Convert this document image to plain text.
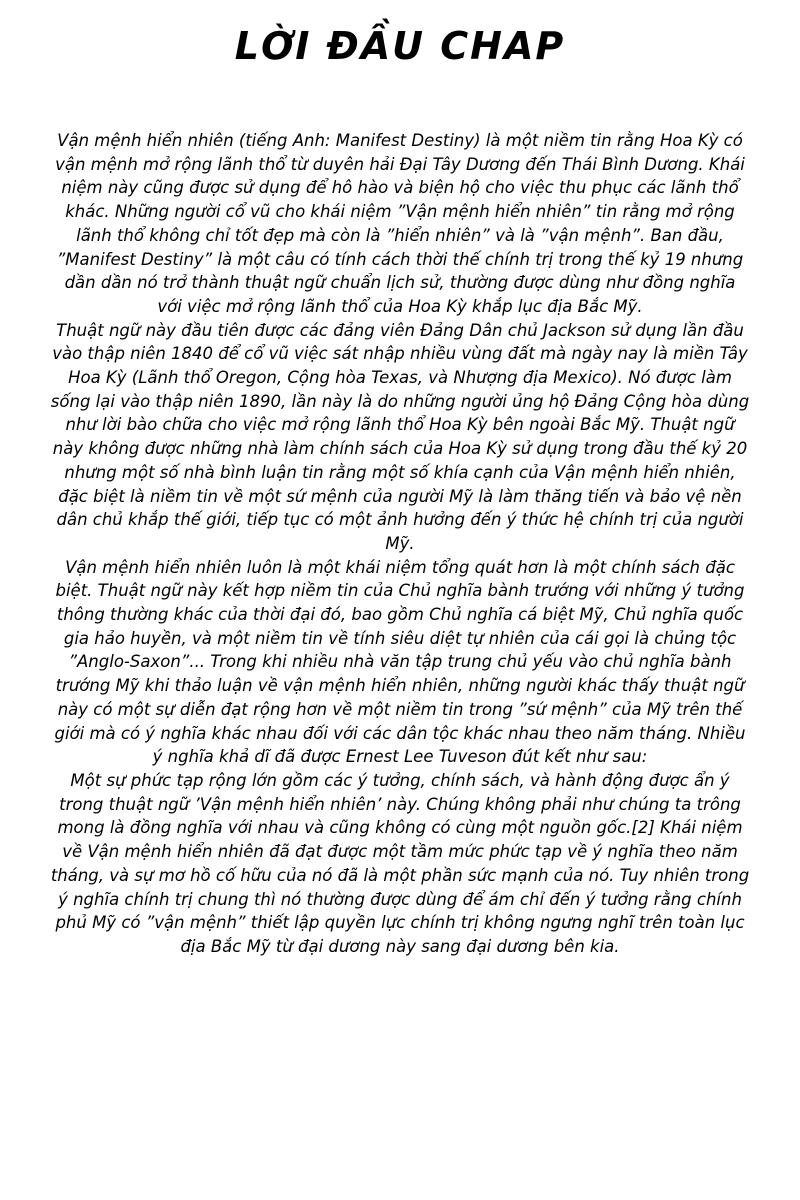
LỜI ĐẦU CHAP

Vận mệnh hiển nhiên (tiếng Anh: Manifest Destiny) là một niềm tin rằng Hoa Kỳ có vận mệnh mở rộng lãnh thổ từ duyên hải Đại Tây Dương đến Thái Bình Dương. Khái niệm này cũng được sử dụng để hô hào và biện hộ cho việc thu phục các lãnh thổ khác. Những người cổ vũ cho khái niệm ”Vận mệnh hiển nhiên” tin rằng mở rộng lãnh thổ không chỉ tốt đẹp mà còn là ”hiển nhiên” và là ”vận mệnh”. Ban đầu, ”Manifest Destiny” là một câu có tính cách thời thế chính trị trong thế kỷ 19 nhưng dần dần nó trở thành thuật ngữ chuẩn lịch sử, thường được dùng như đồng nghĩa với việc mở rộng lãnh thổ của Hoa Kỳ khắp lục địa Bắc Mỹ.

Thuật ngữ này đầu tiên được các đảng viên Đảng Dân chủ Jackson sử dụng lần đầu vào thập niên 1840 để cổ vũ việc sát nhập nhiều vùng đất mà ngày nay là miền Tây Hoa Kỳ (Lãnh thổ Oregon, Cộng hòa Texas, và Nhượng địa Mexico). Nó được làm sống lại vào thập niên 1890, lần này là do những người ủng hộ Đảng Cộng hòa dùng như lời bào chữa cho việc mở rộng lãnh thổ Hoa Kỳ bên ngoài Bắc Mỹ. Thuật ngữ này không được những nhà làm chính sách của Hoa Kỳ sử dụng trong đầu thế kỷ 20 nhưng một số nhà bình luận tin rằng một số khía cạnh của Vận mệnh hiển nhiên, đặc biệt là niềm tin về một sứ mệnh của người Mỹ là làm thăng tiến và bảo vệ nền dân chủ khắp thế giới, tiếp tục có một ảnh hưởng đến ý thức hệ chính trị của người Mỹ.

Vận mệnh hiển nhiên luôn là một khái niệm tổng quát hơn là một chính sách đặc biệt. Thuật ngữ này kết hợp niềm tin của Chủ nghĩa bành trướng với những ý tưởng thông thường khác của thời đại đó, bao gồm Chủ nghĩa cá biệt Mỹ, Chủ nghĩa quốc gia hảo huyền, và một niềm tin về tính siêu diệt tự nhiên của cái gọi là chủng tộc ”Anglo-Saxon”... Trong khi nhiều nhà văn tập trung chủ yếu vào chủ nghĩa bành trướng Mỹ khi thảo luận về vận mệnh hiển nhiên, những người khác thấy thuật ngữ này có một sự diễn đạt rộng hơn về một niềm tin trong ”sứ mệnh” của Mỹ trên thế giới mà có ý nghĩa khác nhau đối với các dân tộc khác nhau theo năm tháng. Nhiều ý nghĩa khả dĩ đã được Ernest Lee Tuveson đút kết như sau:

Một sự phức tạp rộng lớn gồm các ý tưởng, chính sách, và hành động được ẩn ý trong thuật ngữ ’Vận mệnh hiển nhiên’ này. Chúng không phải như chúng ta trông mong là đồng nghĩa với nhau và cũng không có cùng một nguồn gốc.[2] Khái niệm về Vận mệnh hiển nhiên đã đạt được một tầm mức phức tạp về ý nghĩa theo năm tháng, và sự mơ hồ cố hữu của nó đã là một phần sức mạnh của nó. Tuy nhiên trong ý nghĩa chính trị chung thì nó thường được dùng để ám chỉ đến ý tưởng rằng chính phủ Mỹ có ”vận mệnh” thiết lập quyền lực chính trị không ngưng nghĩ trên toàn lục địa Bắc Mỹ từ đại dương này sang đại dương bên kia.
